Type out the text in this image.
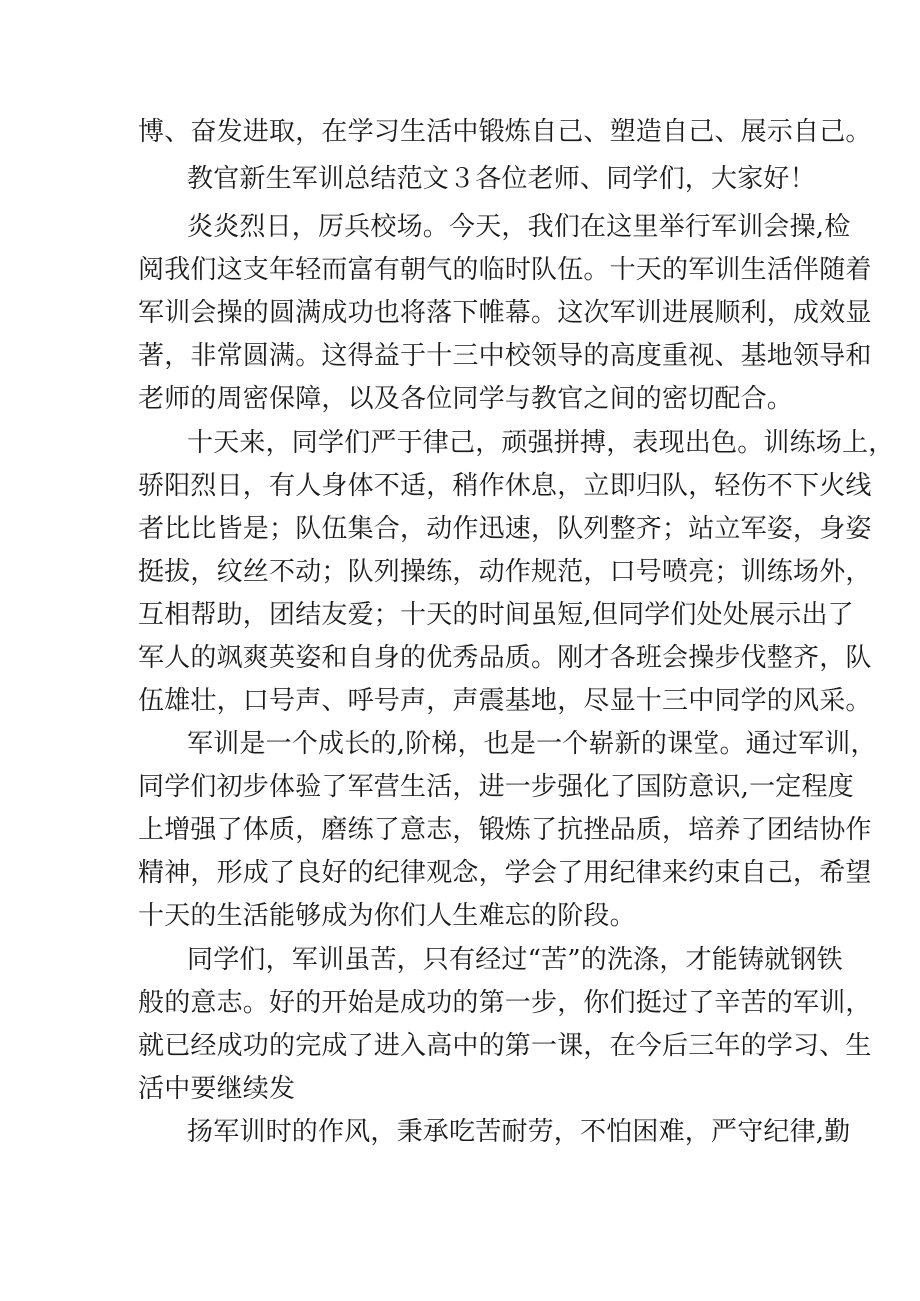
博、奋发进取，在学习生活中锻炼自己、塑造自己、展示自己。

教官新生军训总结范文３各位老师、同学们，大家好！

炎炎烈日，厉兵校场。今天，我们在这里举行军训会操,检

阅我们这支年轻而富有朝气的临时队伍。十天的军训生活伴随着

军训会操的圆满成功也将落下帷幕。这次军训进展顺利，成效显

著，非常圆满。这得益于十三中校领导的高度重视、基地领导和

老师的周密保障，以及各位同学与教官之间的密切配合。

十天来，同学们严于律己，顽强拼搏，表现出色。训练场上，

骄阳烈日，有人身体不适，稍作休息，立即归队，轻伤不下火线

者比比皆是；队伍集合，动作迅速，队列整齐；站立军姿，身姿

挺拔，纹丝不动；队列操练，动作规范，口号喷亮；训练场外，

互相帮助，团结友爱；十天的时间虽短,但同学们处处展示出了

军人的飒爽英姿和自身的优秀品质。刚才各班会操步伐整齐，队

伍雄壮，口号声、呼号声，声震基地，尽显十三中同学的风采。

军训是一个成长的,阶梯，也是一个崭新的课堂。通过军训，

同学们初步体验了军营生活，进一步强化了国防意识,一定程度

上增强了体质，磨练了意志，锻炼了抗挫品质，培养了团结协作

精神，形成了良好的纪律观念，学会了用纪律来约束自己，希望

十天的生活能够成为你们人生难忘的阶段。

同学们，军训虽苦，只有经过“苦”的洗涤，才能铸就钢铁

般的意志。好的开始是成功的第一步，你们挺过了辛苦的军训，

就已经成功的完成了进入高中的第一课，在今后三年的学习、生

活中要继续发

扬军训时的作风，秉承吃苦耐劳，不怕困难，严守纪律,勤
